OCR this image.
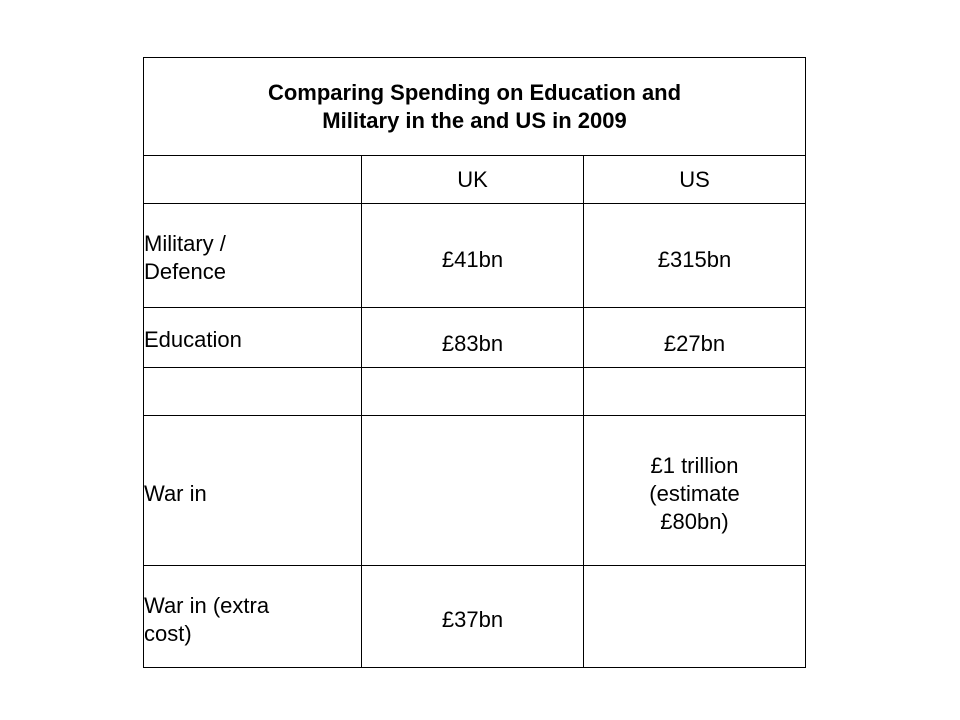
Comparing Spending on Education and
Military in the and US in 2009		

	UK	US

Military /
Defence	£41bn	£315bn

Education	£83bn	£27bn

War in		£1 trillion
(estimate
£80bn)

War in (extra
cost)	£37bn	
